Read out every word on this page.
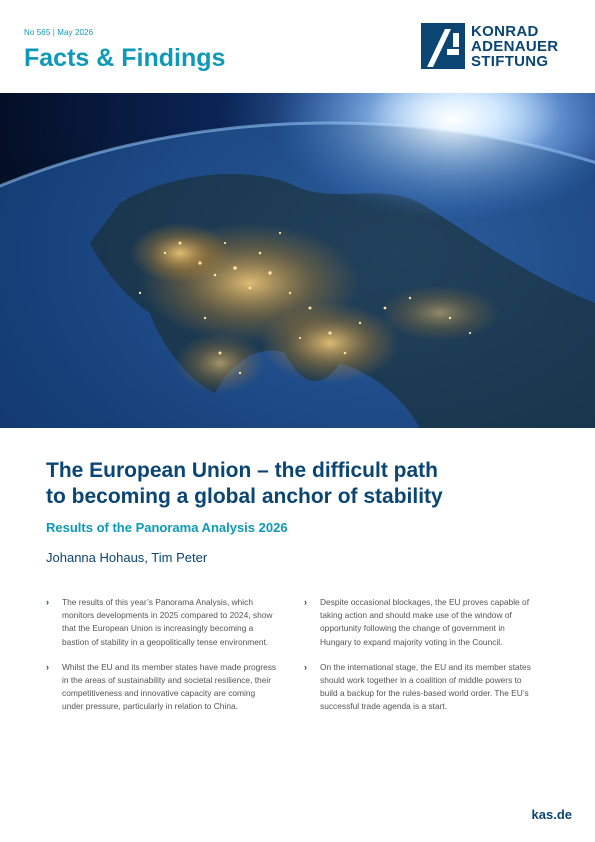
No 565 | May 2026
Facts & Findings
KONRAD
ADENAUER
STIFTUNG
The European Union – the difficult path
to becoming a global anchor of stability
Results of the Panorama Analysis 2026
Johanna Hohaus, Tim Peter
› The results of this year’s Panorama Analysis, which monitors developments in 2025 compared to 2024, show that the European Union is increasingly becoming a bastion of stability in a geopolitically tense environment.
› Whilst the EU and its member states have made progress in the areas of sustainability and societal resilience, their competitiveness and innovative capacity are coming under pressure, particularly in relation to China.
› Despite occasional blockages, the EU proves capable of taking action and should make use of the window of opportunity following the change of government in Hungary to expand majority voting in the Council.
› On the international stage, the EU and its member states should work together in a coalition of middle powers to build a backup for the rules-based world order. The EU’s successful trade agenda is a start.
kas.de
